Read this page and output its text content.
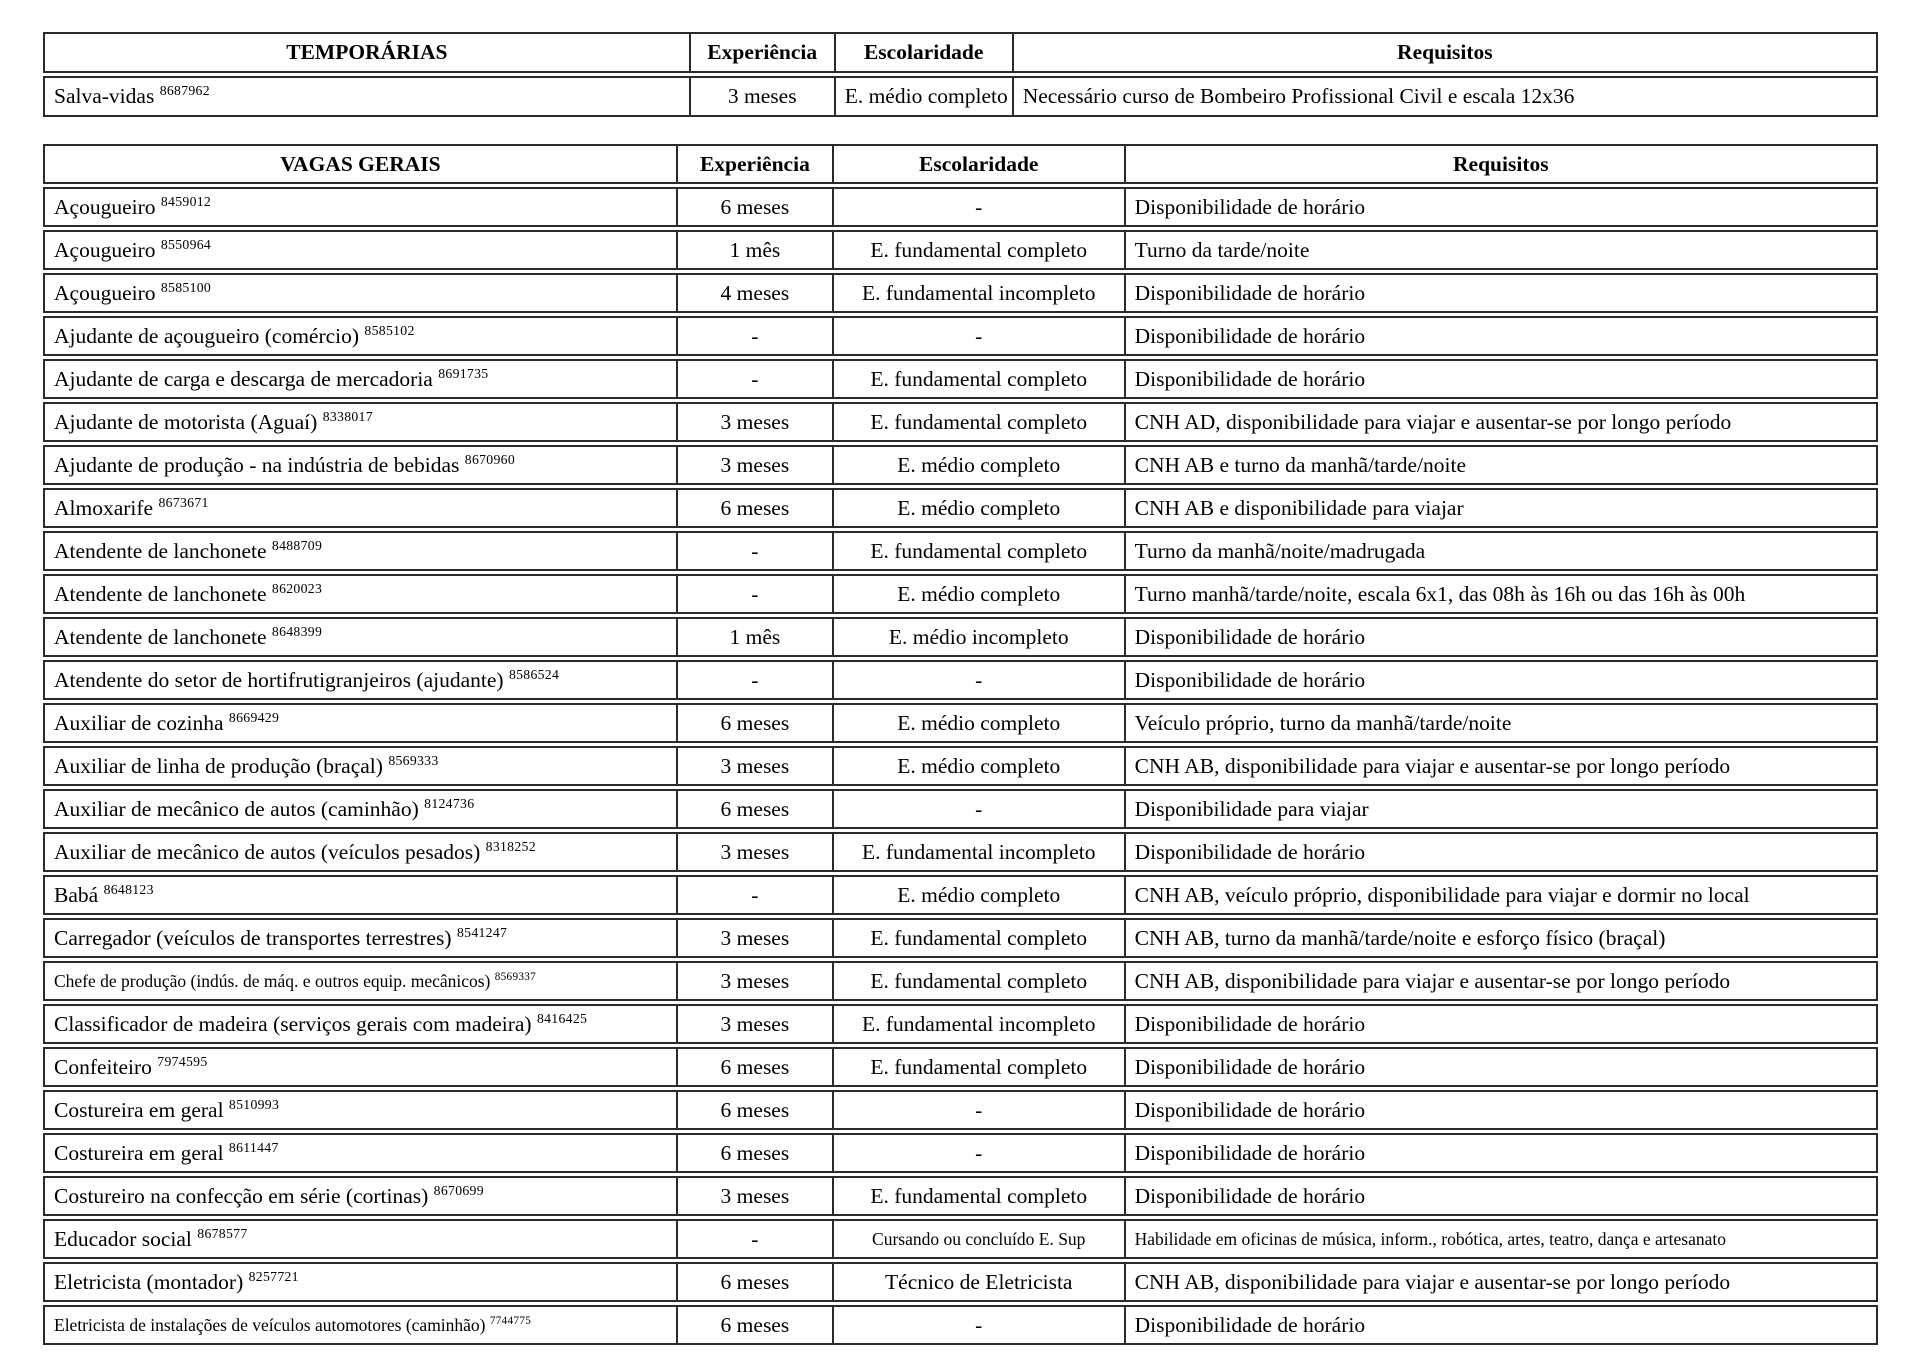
TEMPORÁRIAS	Experiência	Escolaridade	Requisitos
Salva-vidas $^{8687962}$	3 meses	E. médio completo	Necessário curso de Bombeiro Profissional Civil e escala 12x36
VAGAS GERAIS	Experiência	Escolaridade	Requisitos
Açougueiro $^{8459012}$	6 meses	-	Disponibilidade de horário
Açougueiro $^{8550964}$	1 mês	E. fundamental completo	Turno da tarde/noite
Açougueiro $^{8585100}$	4 meses	E. fundamental incompleto	Disponibilidade de horário
Ajudante de açougueiro (comércio) $^{8585102}$	-	-	Disponibilidade de horário
Ajudante de carga e descarga de mercadoria $^{8691735}$	-	E. fundamental completo	Disponibilidade de horário
Ajudante de motorista (Aguaí) $^{8338017}$	3 meses	E. fundamental completo	CNH AD, disponibilidade para viajar e ausentar-se por longo período
Ajudante de produção - na indústria de bebidas $^{8670960}$	3 meses	E. médio completo	CNH AB e turno da manhã/tarde/noite
Almoxarife $^{8673671}$	6 meses	E. médio completo	CNH AB e disponibilidade para viajar
Atendente de lanchonete $^{8488709}$	-	E. fundamental completo	Turno da manhã/noite/madrugada
Atendente de lanchonete $^{8620023}$	-	E. médio completo	Turno manhã/tarde/noite, escala 6x1, das 08h às 16h ou das 16h às 00h
Atendente de lanchonete $^{8648399}$	1 mês	E. médio incompleto	Disponibilidade de horário
Atendente do setor de hortifrutigranjeiros (ajudante) $^{8586524}$	-	-	Disponibilidade de horário
Auxiliar de cozinha $^{8669429}$	6 meses	E. médio completo	Veículo próprio, turno da manhã/tarde/noite
Auxiliar de linha de produção (braçal) $^{8569333}$	3 meses	E. médio completo	CNH AB, disponibilidade para viajar e ausentar-se por longo período
Auxiliar de mecânico de autos (caminhão) $^{8124736}$	6 meses	-	Disponibilidade para viajar
Auxiliar de mecânico de autos (veículos pesados) $^{8318252}$	3 meses	E. fundamental incompleto	Disponibilidade de horário
Babá $^{8648123}$	-	E. médio completo	CNH AB, veículo próprio, disponibilidade para viajar e dormir no local
Carregador (veículos de transportes terrestres) $^{8541247}$	3 meses	E. fundamental completo	CNH AB, turno da manhã/tarde/noite e esforço físico (braçal)
Chefe de produção (indús. de máq. e outros equip. mecânicos) $^{8569337}$	3 meses	E. fundamental completo	CNH AB, disponibilidade para viajar e ausentar-se por longo período
Classificador de madeira (serviços gerais com madeira) $^{8416425}$	3 meses	E. fundamental incompleto	Disponibilidade de horário
Confeiteiro $^{7974595}$	6 meses	E. fundamental completo	Disponibilidade de horário
Costureira em geral $^{8510993}$	6 meses	-	Disponibilidade de horário
Costureira em geral $^{8611447}$	6 meses	-	Disponibilidade de horário
Costureiro na confecção em série (cortinas) $^{8670699}$	3 meses	E. fundamental completo	Disponibilidade de horário
Educador social $^{8678577}$	-	Cursando ou concluído E. Sup	Habilidade em oficinas de música, inform., robótica, artes, teatro, dança e artesanato
Eletricista (montador) $^{8257721}$	6 meses	Técnico de Eletricista	CNH AB, disponibilidade para viajar e ausentar-se por longo período
Eletricista de instalações de veículos automotores (caminhão) $^{7744775}$	6 meses	-	Disponibilidade de horário
